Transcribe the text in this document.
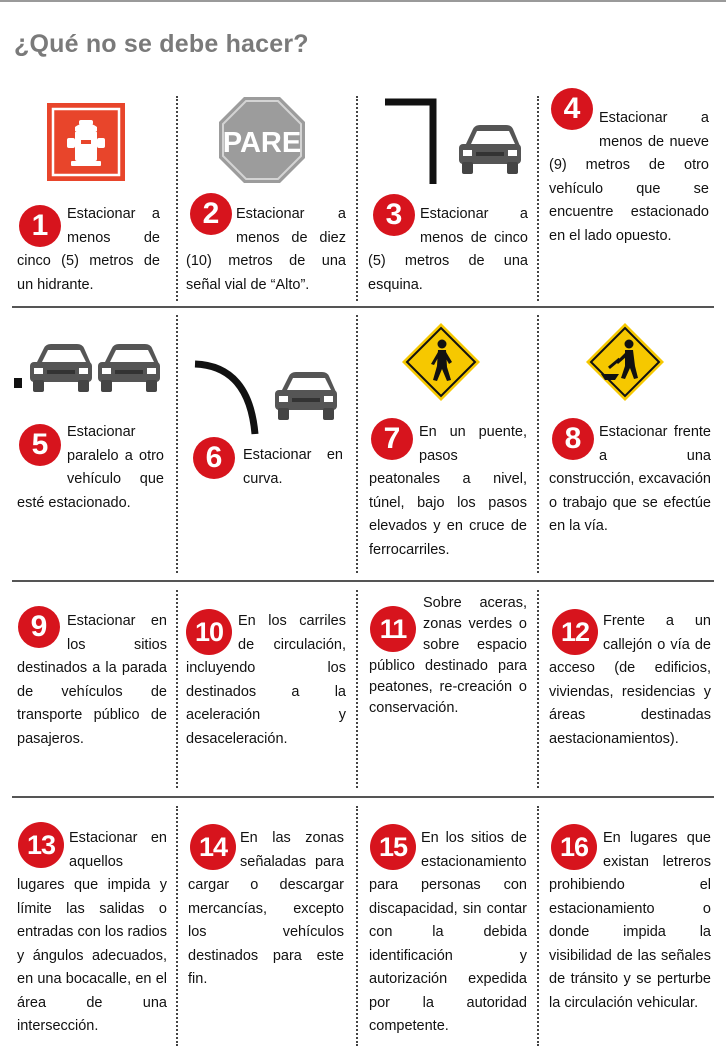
¿Qué no se debe hacer?
PARE
1	2	3
4
5	6
7	8
9	10	11	12
13	14	15	16
Estacionar a menos de cinco (5) metros de un hidrante.
Estacionar a menos de diez (10) metros de una señal vial de “Alto”.
Estacionar a menos de cinco (5) metros de una esquina.
Estacionar a menos de nueve (9) metros de otro vehículo que se encuentre estacionado en el lado opuesto.
Estacionar paralelo a otro vehículo que esté estacionado.
Estacionar en curva.
En un puente, pasos peatonales a nivel, túnel, bajo los pasos elevados y en cruce de ferrocarriles.
Estacionar frente a una construcción, excavación o trabajo que se efectúe en la vía.
Estacionar en los sitios destinados a la parada de vehículos de transporte público de pasajeros.
En los carriles de circulación, incluyendo los destinados a la aceleración y desaceleración.
Sobre aceras, zonas verdes o sobre espacio público destinado para peatones, re-creación o conservación.
Frente a un callejón o vía de acceso (de edificios, viviendas, residencias y áreas destinadas aestacionamientos).
Estacionar en aquellos lugares que impida y límite las salidas o entradas con los radios y ángulos adecuados, en una bocacalle, en el área de una intersección.
En las zonas señaladas para cargar o descargar mercancías, excepto los vehículos destinados para este fin.
En los sitios de estacionamiento para personas con discapacidad, sin contar con la debida identificación y autorización expedida por la autoridad competente.
En lugares que existan letreros prohibiendo el estacionamiento o donde impida la visibilidad de las señales de tránsito y se perturbe la circulación vehicular.
